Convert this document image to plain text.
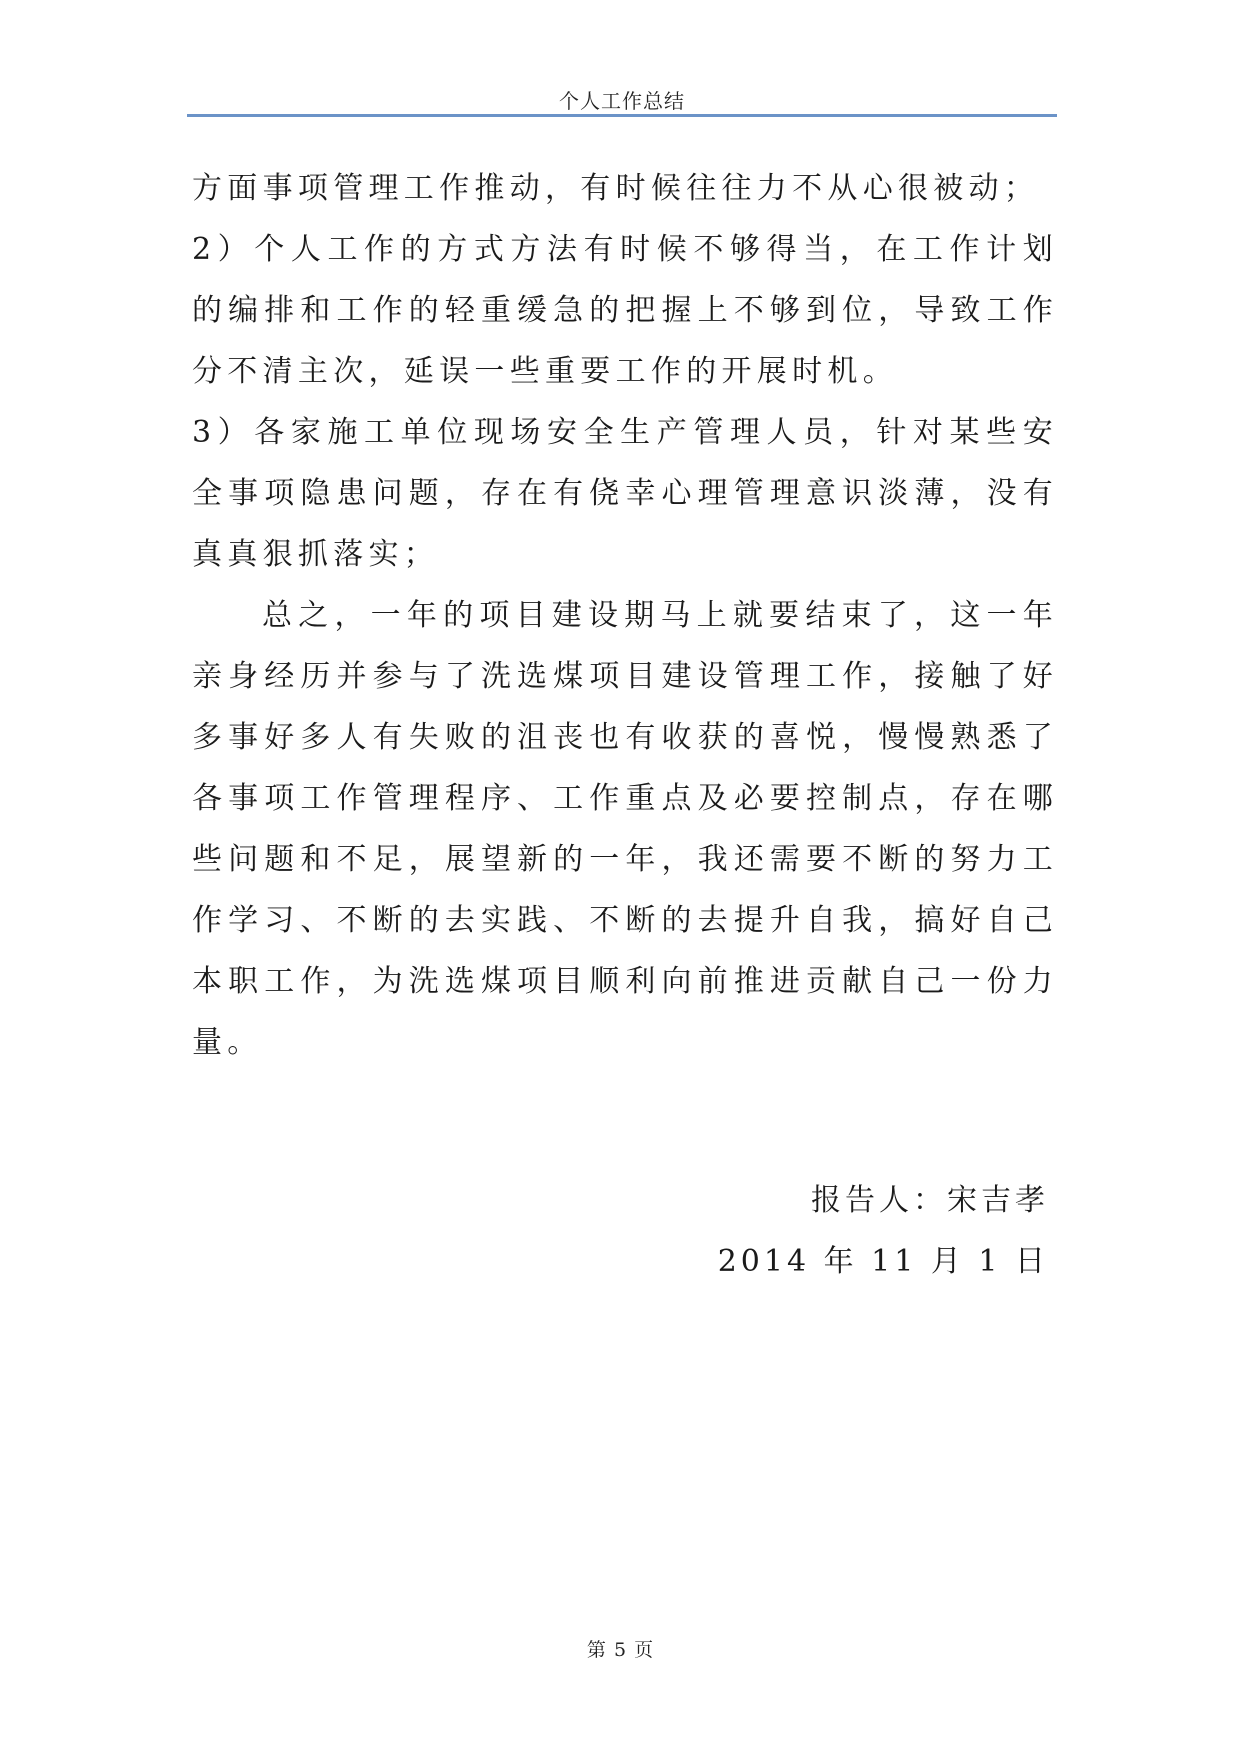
个人工作总结

方面事项管理工作推动，有时候往往力不从心很被动；

2）个人工作的方式方法有时候不够得当，在工作计划的编排和工作的轻重缓急的把握上不够到位，导致工作分不清主次，延误一些重要工作的开展时机。

3）各家施工单位现场安全生产管理人员，针对某些安全事项隐患问题，存在有侥幸心理管理意识淡薄，没有真真狠抓落实；

总之，一年的项目建设期马上就要结束了，这一年亲身经历并参与了洗选煤项目建设管理工作，接触了好多事好多人有失败的沮丧也有收获的喜悦，慢慢熟悉了各事项工作管理程序、工作重点及必要控制点，存在哪些问题和不足，展望新的一年，我还需要不断的努力工作学习、不断的去实践、不断的去提升自我，搞好自己本职工作，为洗选煤项目顺利向前推进贡献自己一份力量。

报告人：宋吉孝
2014 年 11 月 1 日
第 5 页
